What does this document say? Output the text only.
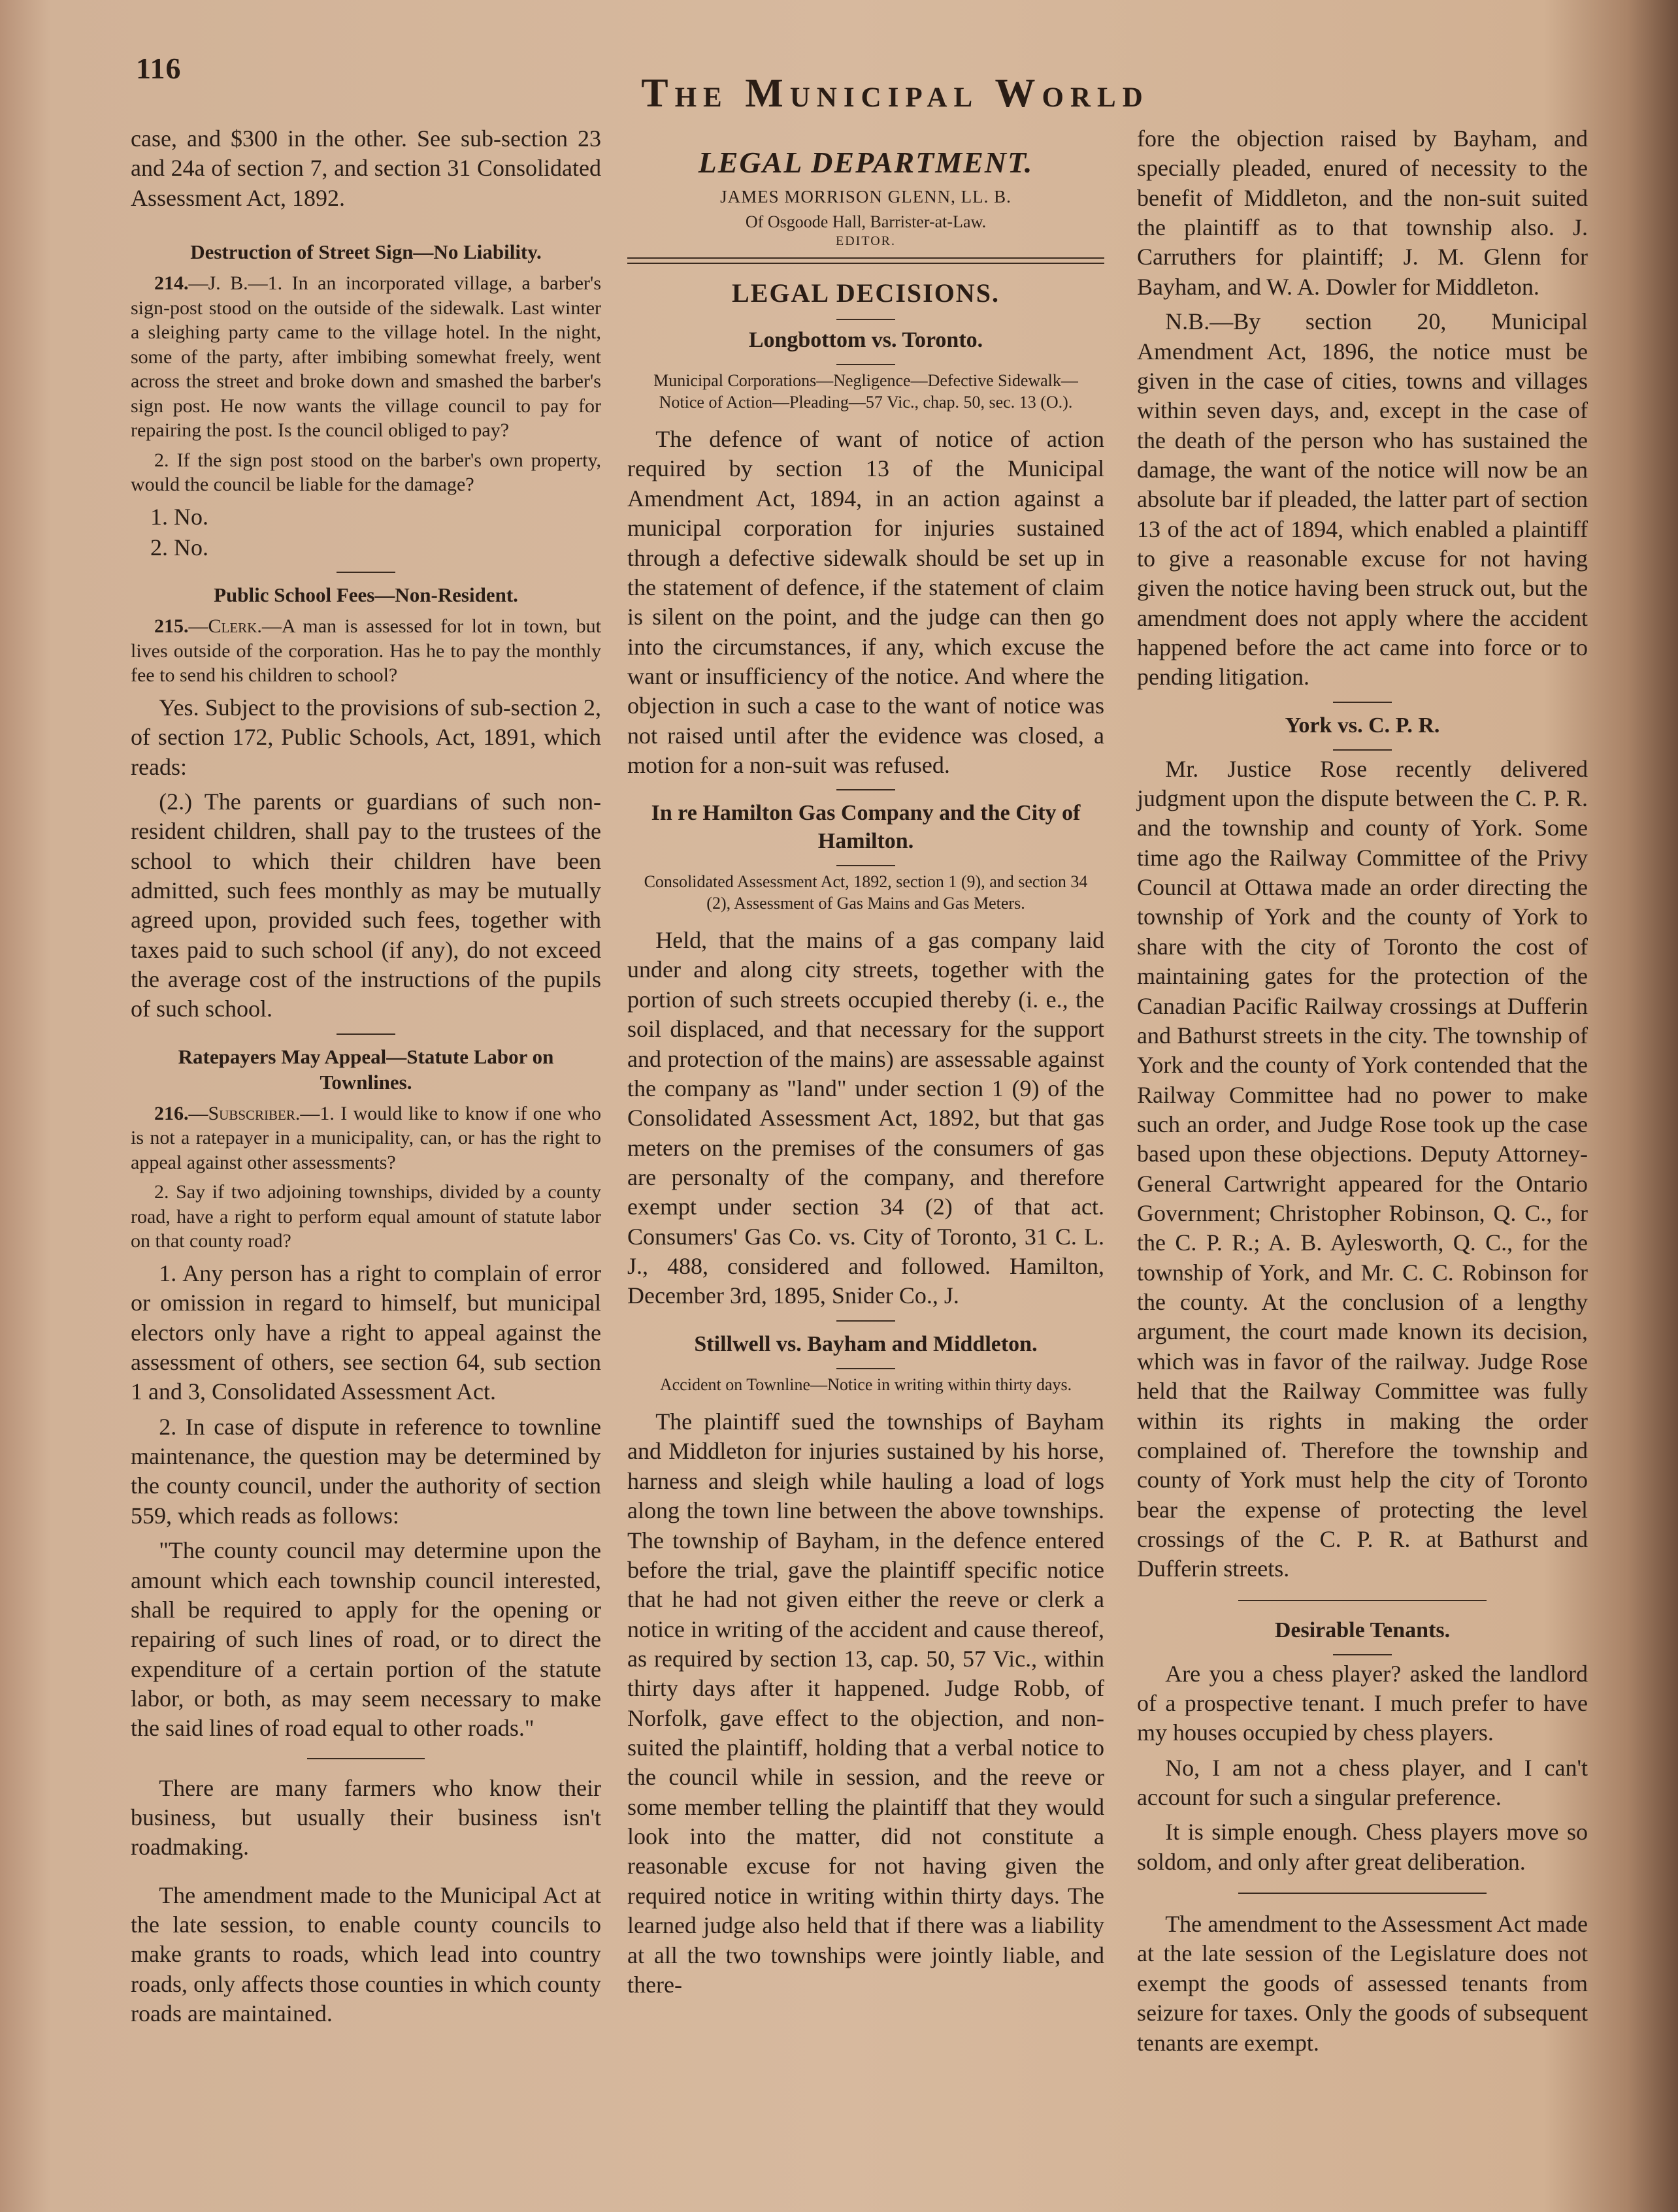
116
The Municipal World

case, and $300 in the other. See sub-section 23 and 24a of section 7, and section 31 Consolidated Assessment Act, 1892.

Destruction of Street Sign—No Liability.

214.—J. B.—1. In an incorporated village, a barber's sign-post stood on the outside of the sidewalk. Last winter a sleighing party came to the village hotel. In the night, some of the party, after imbibing somewhat freely, went across the street and broke down and smashed the barber's sign post. He now wants the village council to pay for repairing the post. Is the council obliged to pay?

2. If the sign post stood on the barber's own property, would the council be liable for the damage?

1. No.

2. No.

Public School Fees—Non-Resident.

215.—Clerk.—A man is assessed for lot in town, but lives outside of the corporation. Has he to pay the monthly fee to send his children to school?

Yes. Subject to the provisions of sub-section 2, of section 172, Public Schools, Act, 1891, which reads:

(2.) The parents or guardians of such non-resident children, shall pay to the trustees of the school to which their children have been admitted, such fees monthly as may be mutually agreed upon, provided such fees, together with taxes paid to such school (if any), do not exceed the average cost of the instructions of the pupils of such school.

Ratepayers May Appeal—Statute Labor on Townlines.

216.—Subscriber.—1. I would like to know if one who is not a ratepayer in a municipality, can, or has the right to appeal against other assessments?

2. Say if two adjoining townships, divided by a county road, have a right to perform equal amount of statute labor on that county road?

1. Any person has a right to complain of error or omission in regard to himself, but municipal electors only have a right to appeal against the assessment of others, see section 64, sub section 1 and 3, Consolidated Assessment Act.

2. In case of dispute in reference to townline maintenance, the question may be determined by the county council, under the authority of section 559, which reads as follows:

"The county council may determine upon the amount which each township council interested, shall be required to apply for the opening or repairing of such lines of road, or to direct the expenditure of a certain portion of the statute labor, or both, as may seem necessary to make the said lines of road equal to other roads."

There are many farmers who know their business, but usually their business isn't roadmaking.

The amendment made to the Municipal Act at the late session, to enable county councils to make grants to roads, which lead into country roads, only affects those counties in which county roads are maintained.

LEGAL DEPARTMENT.
JAMES MORRISON GLENN, LL. B.
Of Osgoode Hall, Barrister-at-Law.
EDITOR.
LEGAL DECISIONS.
Longbottom vs. Toronto.
Municipal Corporations—Negligence—Defective Sidewalk—Notice of Action—Pleading—57 Vic., chap. 50, sec. 13 (O.).

The defence of want of notice of action required by section 13 of the Municipal Amendment Act, 1894, in an action against a municipal corporation for injuries sustained through a defective sidewalk should be set up in the statement of defence, if the statement of claim is silent on the point, and the judge can then go into the circumstances, if any, which excuse the want or insufficiency of the notice. And where the objection in such a case to the want of notice was not raised until after the evidence was closed, a motion for a non-suit was refused.

In re Hamilton Gas Company and the City of Hamilton.
Consolidated Assessment Act, 1892, section 1 (9), and section 34 (2), Assessment of Gas Mains and Gas Meters.

Held, that the mains of a gas company laid under and along city streets, together with the portion of such streets occupied thereby (i. e., the soil displaced, and that necessary for the support and protection of the mains) are assessable against the company as "land" under section 1 (9) of the Consolidated Assessment Act, 1892, but that gas meters on the premises of the consumers of gas are personalty of the company, and therefore exempt under section 34 (2) of that act. Consumers' Gas Co. vs. City of Toronto, 31 C. L. J., 488, considered and followed. Hamilton, December 3rd, 1895, Snider Co., J.

Stillwell vs. Bayham and Middleton.
Accident on Townline—Notice in writing within thirty days.

The plaintiff sued the townships of Bayham and Middleton for injuries sustained by his horse, harness and sleigh while hauling a load of logs along the town line between the above townships. The township of Bayham, in the defence entered before the trial, gave the plaintiff specific notice that he had not given either the reeve or clerk a notice in writing of the accident and cause thereof, as required by section 13, cap. 50, 57 Vic., within thirty days after it happened. Judge Robb, of Norfolk, gave effect to the objection, and non-suited the plaintiff, holding that a verbal notice to the council while in session, and the reeve or some member telling the plaintiff that they would look into the matter, did not constitute a reasonable excuse for not having given the required notice in writing within thirty days. The learned judge also held that if there was a liability at all the two townships were jointly liable, and there-

fore the objection raised by Bayham, and specially pleaded, enured of necessity to the benefit of Middleton, and the non-suit suited the plaintiff as to that township also. J. Carruthers for plaintiff; J. M. Glenn for Bayham, and W. A. Dowler for Middleton.

N.B.—By section 20, Municipal Amendment Act, 1896, the notice must be given in the case of cities, towns and villages within seven days, and, except in the case of the death of the person who has sustained the damage, the want of the notice will now be an absolute bar if pleaded, the latter part of section 13 of the act of 1894, which enabled a plaintiff to give a reasonable excuse for not having given the notice having been struck out, but the amendment does not apply where the accident happened before the act came into force or to pending litigation.

York vs. C. P. R.

Mr. Justice Rose recently delivered judgment upon the dispute between the C. P. R. and the township and county of York. Some time ago the Railway Committee of the Privy Council at Ottawa made an order directing the township of York and the county of York to share with the city of Toronto the cost of maintaining gates for the protection of the Canadian Pacific Railway crossings at Dufferin and Bathurst streets in the city. The township of York and the county of York contended that the Railway Committee had no power to make such an order, and Judge Rose took up the case based upon these objections. Deputy Attorney-General Cartwright appeared for the Ontario Government; Christopher Robinson, Q. C., for the C. P. R.; A. B. Aylesworth, Q. C., for the township of York, and Mr. C. C. Robinson for the county. At the conclusion of a lengthy argument, the court made known its decision, which was in favor of the railway. Judge Rose held that the Railway Committee was fully within its rights in making the order complained of. Therefore the township and county of York must help the city of Toronto bear the expense of protecting the level crossings of the C. P. R. at Bathurst and Dufferin streets.

Desirable Tenants.

Are you a chess player? asked the landlord of a prospective tenant. I much prefer to have my houses occupied by chess players.

No, I am not a chess player, and I can't account for such a singular preference.

It is simple enough. Chess players move so soldom, and only after great deliberation.

The amendment to the Assessment Act made at the late session of the Legislature does not exempt the goods of assessed tenants from seizure for taxes. Only the goods of subsequent tenants are exempt.
